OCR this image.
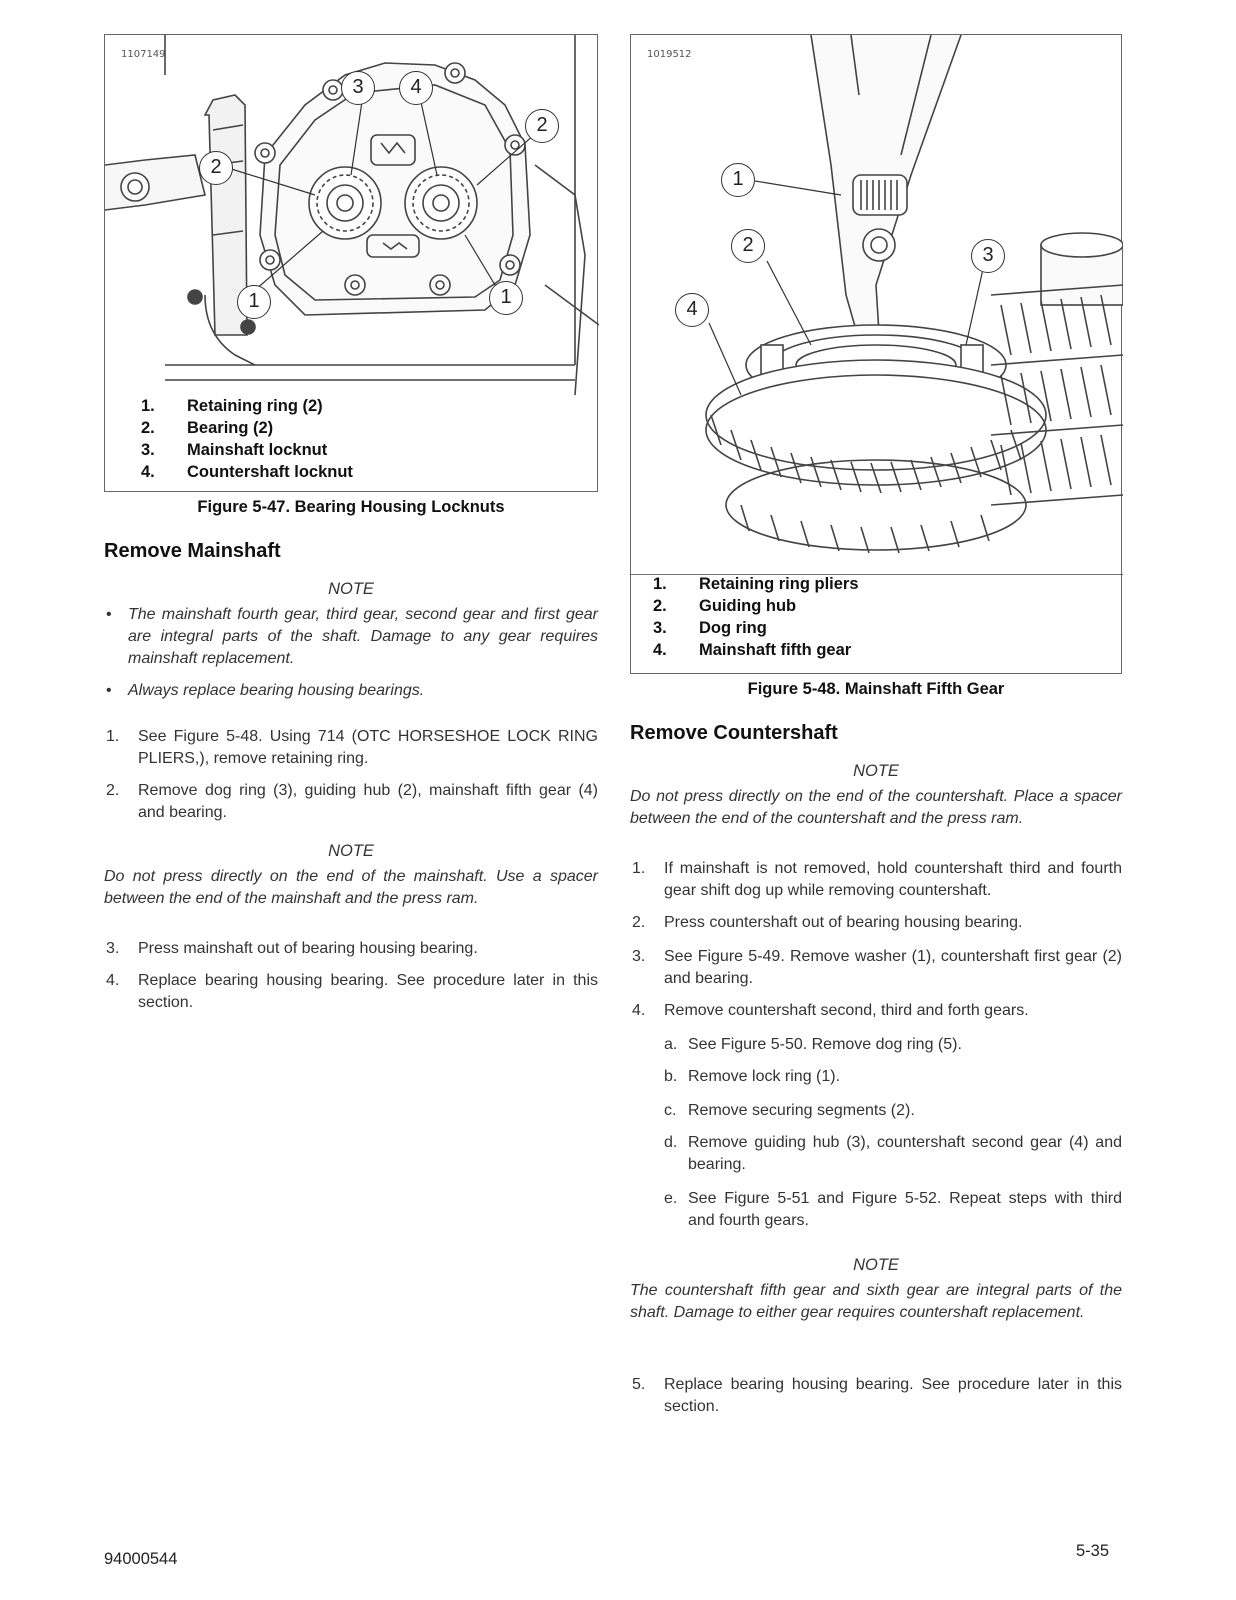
1107149
2
2
3	4
1	1
1.	Retaining ring (2)
2.	Bearing (2)
3.	Mainshaft locknut
4.	Countershaft locknut
Figure 5-47. Bearing Housing Locknuts
1019512
1
2	3
4
1.	Retaining ring pliers
2.	Guiding hub
3.	Dog ring
4.	Mainshaft fifth gear
Figure 5-48. Mainshaft Fifth Gear
Remove Mainshaft
NOTE
• The mainshaft fourth gear, third gear, second gear and first gear are integral parts of the shaft. Damage to any gear requires mainshaft replacement.
• Always replace bearing housing bearings.
1. See Figure 5-48. Using 714 (OTC HORSESHOE LOCK RING PLIERS,), remove retaining ring.
2. Remove dog ring (3), guiding hub (2), mainshaft fifth gear (4) and bearing.
NOTE
Do not press directly on the end of the mainshaft. Use a spacer between the end of the mainshaft and the press ram.
3. Press mainshaft out of bearing housing bearing.
4. Replace bearing housing bearing. See procedure later in this section.
Remove Countershaft
NOTE
Do not press directly on the end of the countershaft. Place a spacer between the end of the countershaft and the press ram.
1. If mainshaft is not removed, hold countershaft third and fourth gear shift dog up while removing countershaft.
2. Press countershaft out of bearing housing bearing.
3. See Figure 5-49. Remove washer (1), countershaft first gear (2) and bearing.
4. Remove countershaft second, third and forth gears.
a. See Figure 5-50. Remove dog ring (5).
b. Remove lock ring (1).
c. Remove securing segments (2).
d. Remove guiding hub (3), countershaft second gear (4) and bearing.
e. See Figure 5-51 and Figure 5-52. Repeat steps with third and fourth gears.
NOTE
The countershaft fifth gear and sixth gear are integral parts of the shaft. Damage to either gear requires countershaft replacement.
5. Replace bearing housing bearing. See procedure later in this section.
94000544	5-35
